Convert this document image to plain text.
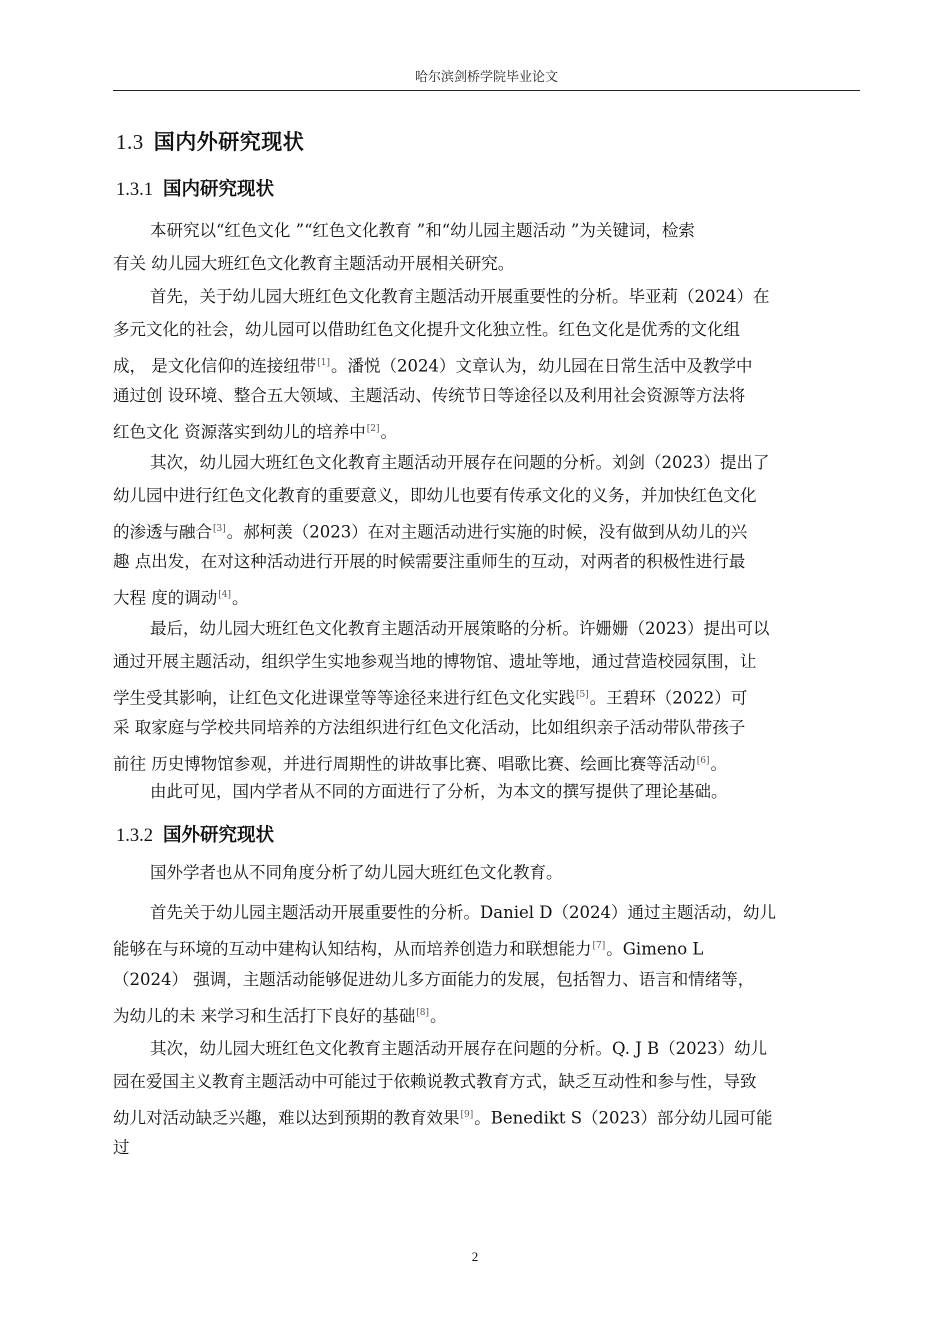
哈尔滨剑桥学院毕业论文
1.3 国内外研究现状
1.3.1 国内研究现状
本研究以“红色文化 ”“红色文化教育 ”和“幼儿园主题活动 ”为关键词，检索
有关 幼儿园大班红色文化教育主题活动开展相关研究。
首先，关于幼儿园大班红色文化教育主题活动开展重要性的分析。毕亚莉（2024）在
多元文化的社会，幼儿园可以借助红色文化提升文化独立性。红色文化是优秀的文化组
成， 是文化信仰的连接纽带[1]。潘悦（2024）文章认为，幼儿园在日常生活中及教学中
通过创 设环境、整合五大领域、主题活动、传统节日等途径以及利用社会资源等方法将
红色文化 资源落实到幼儿的培养中[2]。
其次，幼儿园大班红色文化教育主题活动开展存在问题的分析。刘剑（2023）提出了
幼儿园中进行红色文化教育的重要意义，即幼儿也要有传承文化的义务，并加快红色文化
的渗透与融合[3]。郝柯羡（2023）在对主题活动进行实施的时候，没有做到从幼儿的兴
趣 点出发，在对这种活动进行开展的时候需要注重师生的互动，对两者的积极性进行最
大程 度的调动[4]。
最后，幼儿园大班红色文化教育主题活动开展策略的分析。许姗姗（2023）提出可以
通过开展主题活动，组织学生实地参观当地的博物馆、遗址等地，通过营造校园氛围，让
学生受其影响，让红色文化进课堂等等途径来进行红色文化实践[5]。王碧环（2022）可
采 取家庭与学校共同培养的方法组织进行红色文化活动，比如组织亲子活动带队带孩子
前往 历史博物馆参观，并进行周期性的讲故事比赛、唱歌比赛、绘画比赛等活动[6]。
由此可见，国内学者从不同的方面进行了分析，为本文的撰写提供了理论基础。
1.3.2 国外研究现状
国外学者也从不同角度分析了幼儿园大班红色文化教育。
首先关于幼儿园主题活动开展重要性的分析。Daniel D（2024）通过主题活动，幼儿
能够在与环境的互动中建构认知结构，从而培养创造力和联想能力[7]。Gimeno L
（2024） 强调，主题活动能够促进幼儿多方面能力的发展，包括智力、语言和情绪等，
为幼儿的未 来学习和生活打下良好的基础[8]。
其次，幼儿园大班红色文化教育主题活动开展存在问题的分析。Q. J B（2023）幼儿
园在爱国主义教育主题活动中可能过于依赖说教式教育方式，缺乏互动性和参与性，导致
幼儿对活动缺乏兴趣，难以达到预期的教育效果[9]。Benedikt S（2023）部分幼儿园可能
过
2
